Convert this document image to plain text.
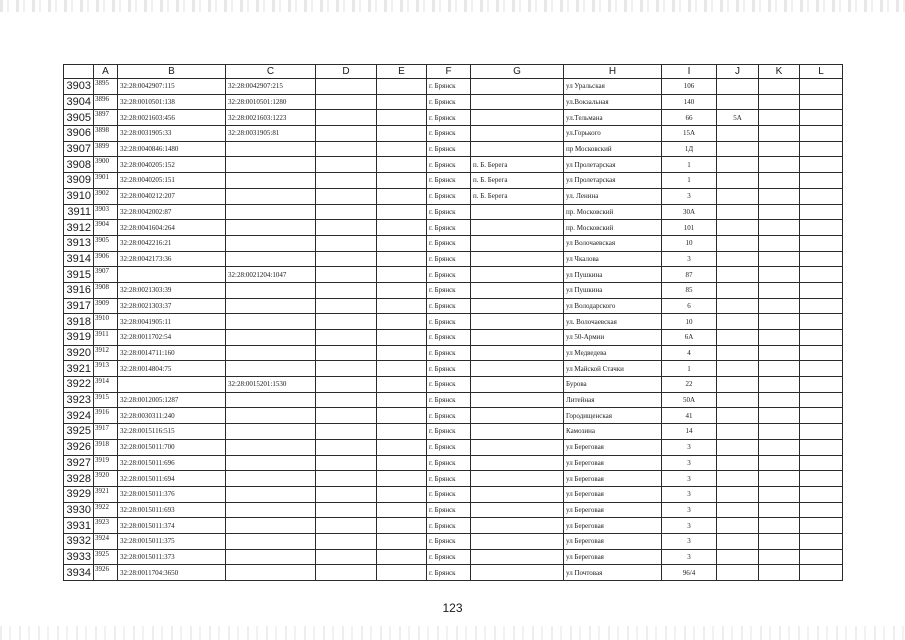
	A	B	C	D	E	F	G	H	I	J	K	L
3903	3895	32:28:0042907:115	32:28:0042907:215			г. Брянск		ул Уральская	106			
3904	3896	32:28:0010501:138	32:28:0010501:1280			г. Брянск		ул.Вокзальная	140			
3905	3897	32:28:0021603:456	32:28:0021603:1223			г. Брянск		ул.Тельмана	66	5А		
3906	3898	32:28:0031905:33	32:28:0031905:81			г. Брянск		ул.Горького	15А			
3907	3899	32:28:0040846:1480				г. Брянск		пр Московский	1Д			
3908	3900	32:28:0040205:152				г. Брянск	п. Б. Берега	ул Пролетарская	1			
3909	3901	32:28:0040205:151				г. Брянск	п. Б. Берега	ул Пролетарская	1			
3910	3902	32:28:0040212:207				г. Брянск	п. Б. Берега	ул. Ленина	3			
3911	3903	32:28:0042002:87				г. Брянск		пр. Московский	30А			
3912	3904	32:28:0041604:264				г. Брянск		пр. Московский	101			
3913	3905	32:28:0042216:21				г. Брянск		ул Волочаевская	10			
3914	3906	32:28:0042173:36				г. Брянск		ул Чкалова	3			
3915	3907		32:28:0021204:1047			г. Брянск		ул Пушкина	87			
3916	3908	32:28:0021303:39				г. Брянск		ул Пушкина	85			
3917	3909	32:28:0021303:37				г. Брянск		ул Володарского	6			
3918	3910	32:28:0041905:11				г. Брянск		ул. Волочаевская	10			
3919	3911	32:28:0011702:54				г. Брянск		ул 50-Армии	6А			
3920	3912	32:28:0014711:160				г. Брянск		ул Медведева	4			
3921	3913	32:28:0014804:75				г. Брянск		ул Майской Стачки	1			
3922	3914		32:28:0015201:1530			г. Брянск		Бурова	22			
3923	3915	32:28:0012005:1287				г. Брянск		Литейная	50А			
3924	3916	32:28:0030311:240				г. Брянск		Городищенская	41			
3925	3917	32:28:0015116:515				г. Брянск		Камозина	14			
3926	3918	32:28:0015011:700				г. Брянск		ул Береговая	3			
3927	3919	32:28:0015011:696				г. Брянск		ул Береговая	3			
3928	3920	32:28:0015011:694				г. Брянск		ул Береговая	3			
3929	3921	32:28:0015011:376				г. Брянск		ул Береговая	3			
3930	3922	32:28:0015011:693				г. Брянск		ул Береговая	3			
3931	3923	32:28:0015011:374				г. Брянск		ул Береговая	3			
3932	3924	32:28:0015011:375				г. Брянск		ул Береговая	3			
3933	3925	32:28:0015011:373				г. Брянск		ул Береговая	3			
3934	3926	32:28:0011704:3650				г. Брянск		ул Почтовая	96/4			
123
